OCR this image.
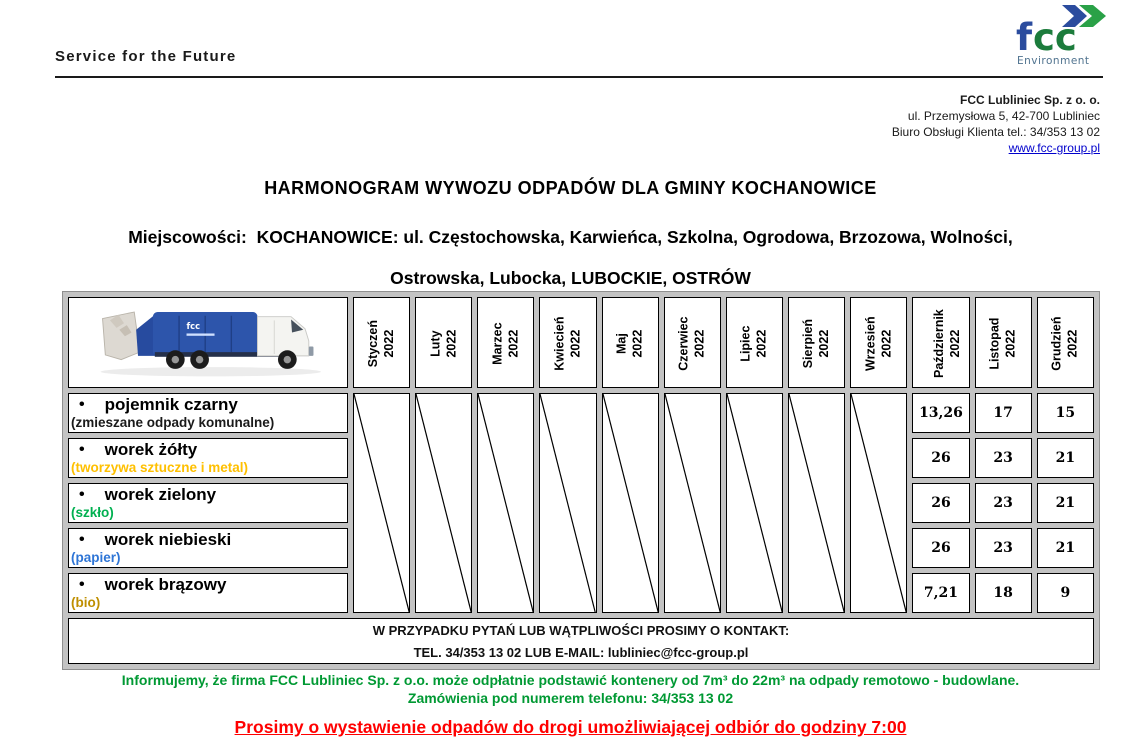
Service for the Future	f cc
Environment
FCC Lubliniec Sp. z o. o.
ul. Przemysłowa 5, 42-700 Lubliniec
Biuro Obsługi Klienta tel.: 34/353 13 02
www.fcc-group.pl
HARMONOGRAM WYWOZU ODPADÓW DLA GMINY KOCHANOWICE
Miejscowości:  KOCHANOWICE: ul. Częstochowska, Karwieńca, Szkolna, Ogrodowa, Brzozowa, Wolności,
Ostrowska, Lubocka, LUBOCKIE, OSTRÓW
fcc	Styczeń 2022	Luty 2022	Marzec 2022	Kwiecień 2022	Maj 2022	Czerwiec 2022	Lipiec 2022	Sierpień 2022	Wrzesień 2022	Październik 2022	Listopad 2022	Grudzień 2022

• pojemnik czarny
(zmieszane odpady komunalne)										13,26	17	15

• worek żółty
(tworzywa sztuczne i metal)										26	23	21

• worek zielony
(szkło)										26	23	21

• worek niebieski
(papier)										26	23	21

• worek brązowy
(bio)										7,21	18	9

W PRZYPADKU PYTAŃ LUB WĄTPLIWOŚCI PROSIMY O KONTAKT:
TEL. 34/353 13 02 LUB E-MAIL: lubliniec@fcc-group.pl												
Informujemy, że firma FCC Lubliniec Sp. z o.o. może odpłatnie podstawić kontenery od 7m³ do 22m³ na odpady remotowo - budowlane.
Zamówienia pod numerem telefonu: 34/353 13 02
Prosimy o wystawienie odpadów do drogi umożliwiającej odbiór do godziny 7:00
